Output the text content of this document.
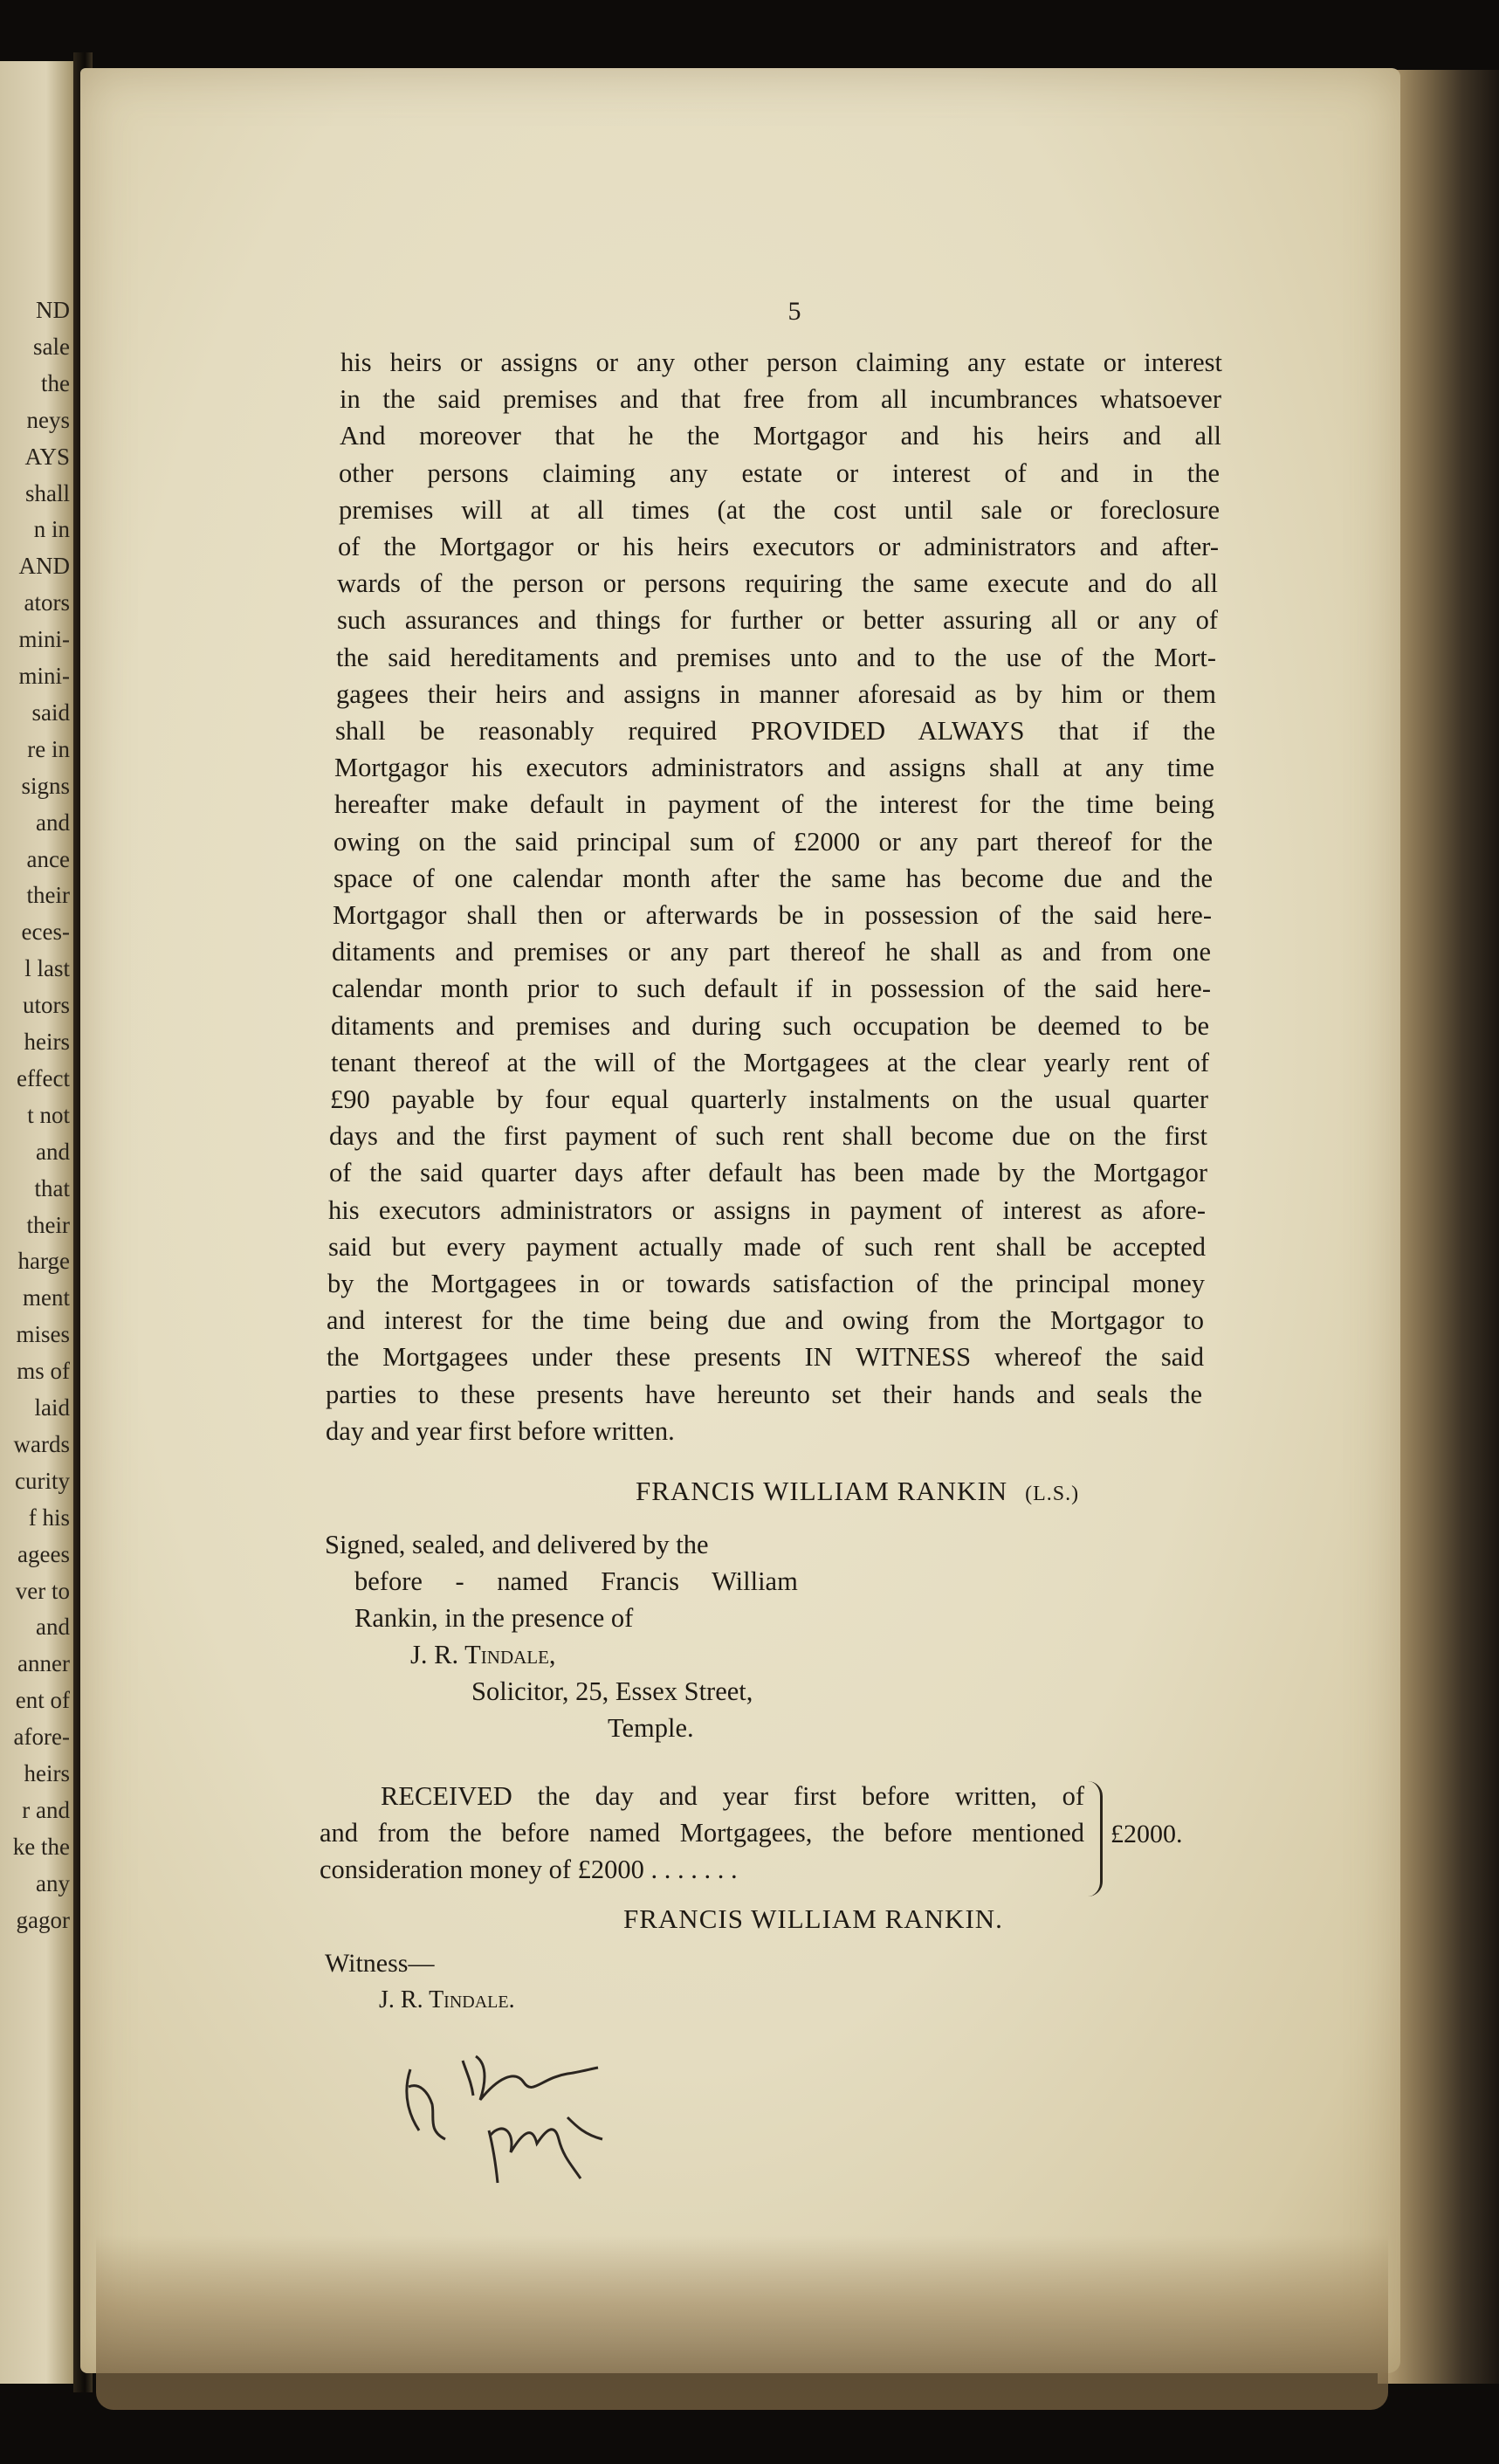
ND
sale
the
neys
AYS
shall
n in
AND
ators
mini-
mini-
said
re in
signs
and
ance
their
eces-
l last
utors
heirs
effect
t not
and
that
their
harge
ment
mises
ms of
laid
wards
curity
f his
agees
ver to
and
anner
ent of
afore-
heirs
r and
ke the
any
gagor
5
his heirs or assigns or any other person claiming any estate or interest
in the said premises and that free from all incumbrances whatsoever
And moreover that he the Mortgagor and his heirs and all
other persons claiming any estate or interest of and in the
premises will at all times (at the cost until sale or foreclosure
of the Mortgagor or his heirs executors or administrators and after-
wards of the person or persons requiring the same execute and do all
such assurances and things for further or better assuring all or any of
the said hereditaments and premises unto and to the use of the Mort-
gagees their heirs and assigns in manner aforesaid as by him or them
shall be reasonably required PROVIDED ALWAYS that if the
Mortgagor his executors administrators and assigns shall at any time
hereafter make default in payment of the interest for the time being
owing on the said principal sum of £2000 or any part thereof for the
space of one calendar month after the same has become due and the
Mortgagor shall then or afterwards be in possession of the said here-
ditaments and premises or any part thereof he shall as and from one
calendar month prior to such default if in possession of the said here-
ditaments and premises and during such occupation be deemed to be
tenant thereof at the will of the Mortgagees at the clear yearly rent of
£90 payable by four equal quarterly instalments on the usual quarter
days and the first payment of such rent shall become due on the first
of the said quarter days after default has been made by the Mortgagor
his executors administrators or assigns in payment of interest as afore-
said but every payment actually made of such rent shall be accepted
by the Mortgagees in or towards satisfaction of the principal money
and interest for the time being due and owing from the Mortgagor to
the Mortgagees under these presents IN WITNESS whereof the said
parties to these presents have hereunto set their hands and seals the
day and year first before written.
FRANCIS WILLIAM RANKIN (L.S.)
Signed, sealed, and delivered by the
before - named Francis William
Rankin, in the presence of
J. R. Tindale,
Solicitor, 25, Essex Street,
Temple.
RECEIVED the day and year first before written, of
and from the before named Mortgagees, the before mentioned
consideration money of £2000 . . . . . . .
£2000.
FRANCIS WILLIAM RANKIN.
Witness—
J. R. Tindale.
